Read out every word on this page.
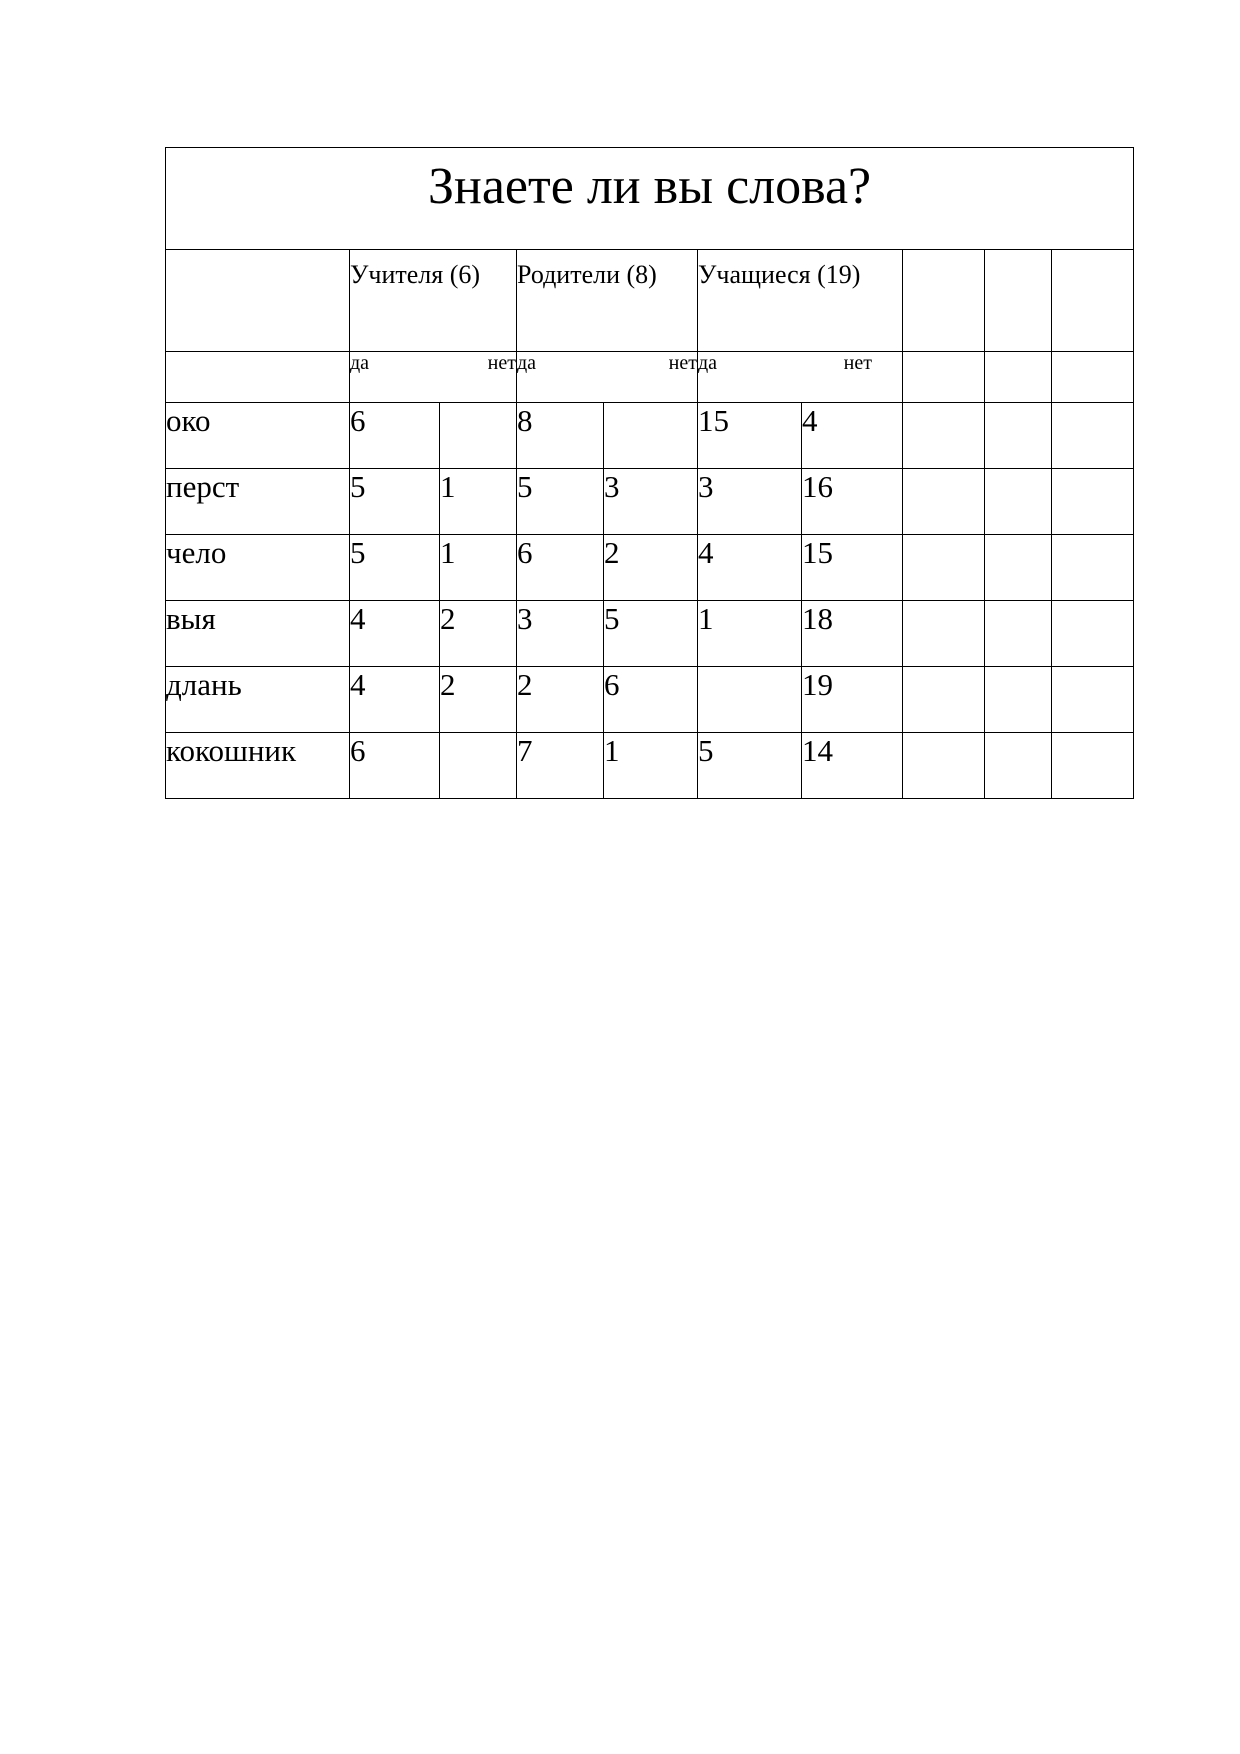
Знаете ли вы слова?									
	Учителя (6)		Родители (8)		Учащиеся (19)				

	да нет		да нет		да нет				

око	6		8		15	4			
перст	5	1	5	3	3	16			
чело	5	1	6	2	4	15			
выя	4	2	3	5	1	18			
длань	4	2	2	6		19			
кокошник	6		7	1	5	14			
